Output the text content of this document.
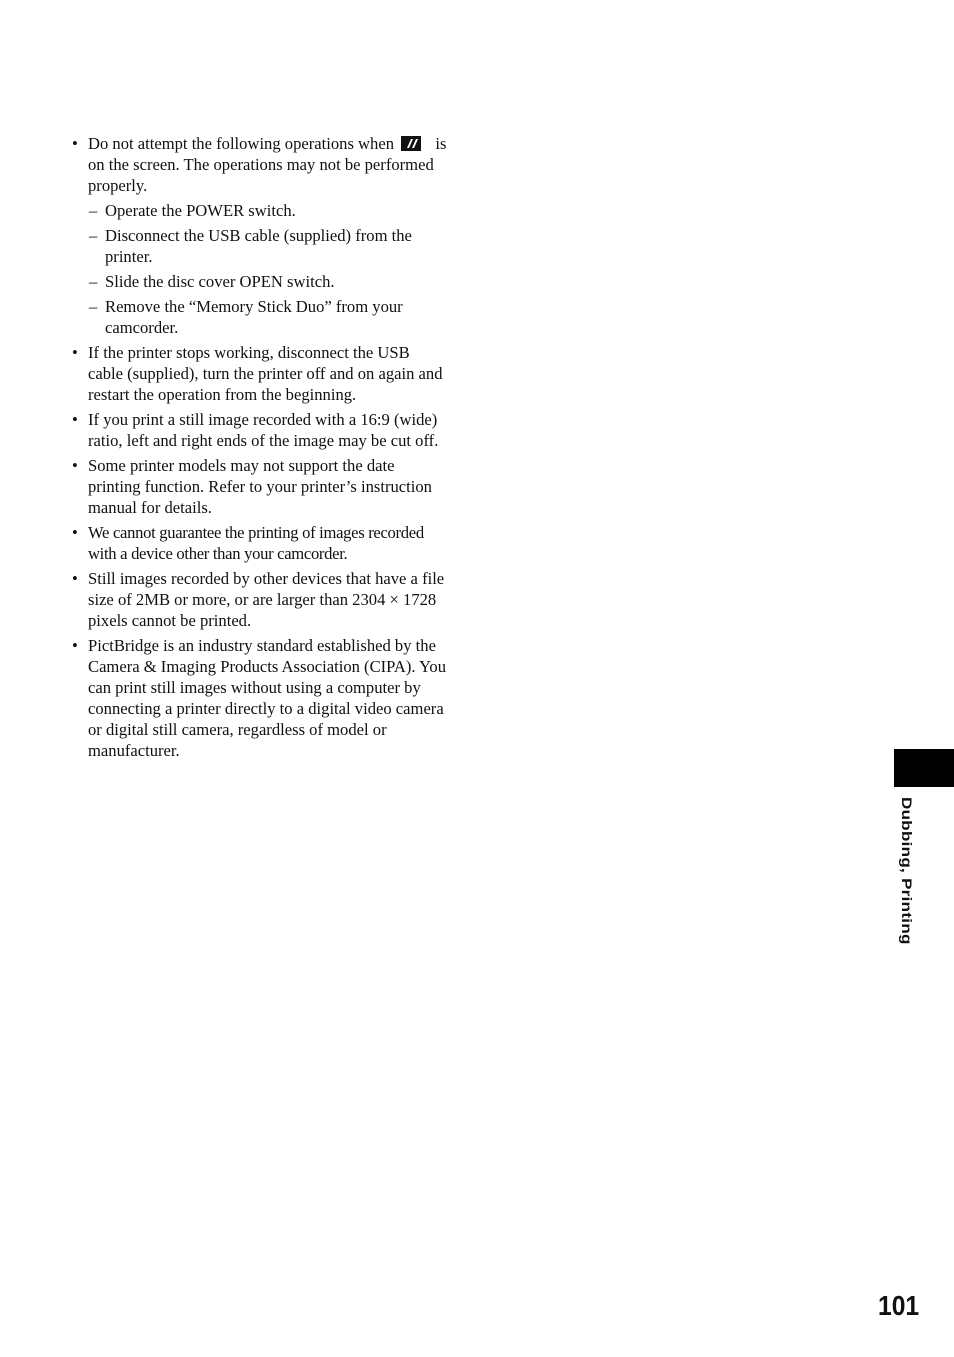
• Do not attempt the following operations when is on the screen. The operations may not be performed properly.
– Operate the POWER switch.
– Disconnect the USB cable (supplied) from the printer.
– Slide the disc cover OPEN switch.
– Remove the “Memory Stick Duo” from your camcorder.
• If the printer stops working, disconnect the USB cable (supplied), turn the printer off and on again and restart the operation from the beginning.
• If you print a still image recorded with a 16:9 (wide) ratio, left and right ends of the image may be cut off.
• Some printer models may not support the date printing function. Refer to your printer’s instruction manual for details.
• We cannot guarantee the printing of images recorded with a device other than your camcorder.
• Still images recorded by other devices that have a file size of 2MB or more, or are larger than 2304 × 1728 pixels cannot be printed.
• PictBridge is an industry standard established by the Camera & Imaging Products Association (CIPA). You can print still images without using a computer by connecting a printer directly to a digital video camera or digital still camera, regardless of model or manufacturer.
Dubbing, Printing
101
